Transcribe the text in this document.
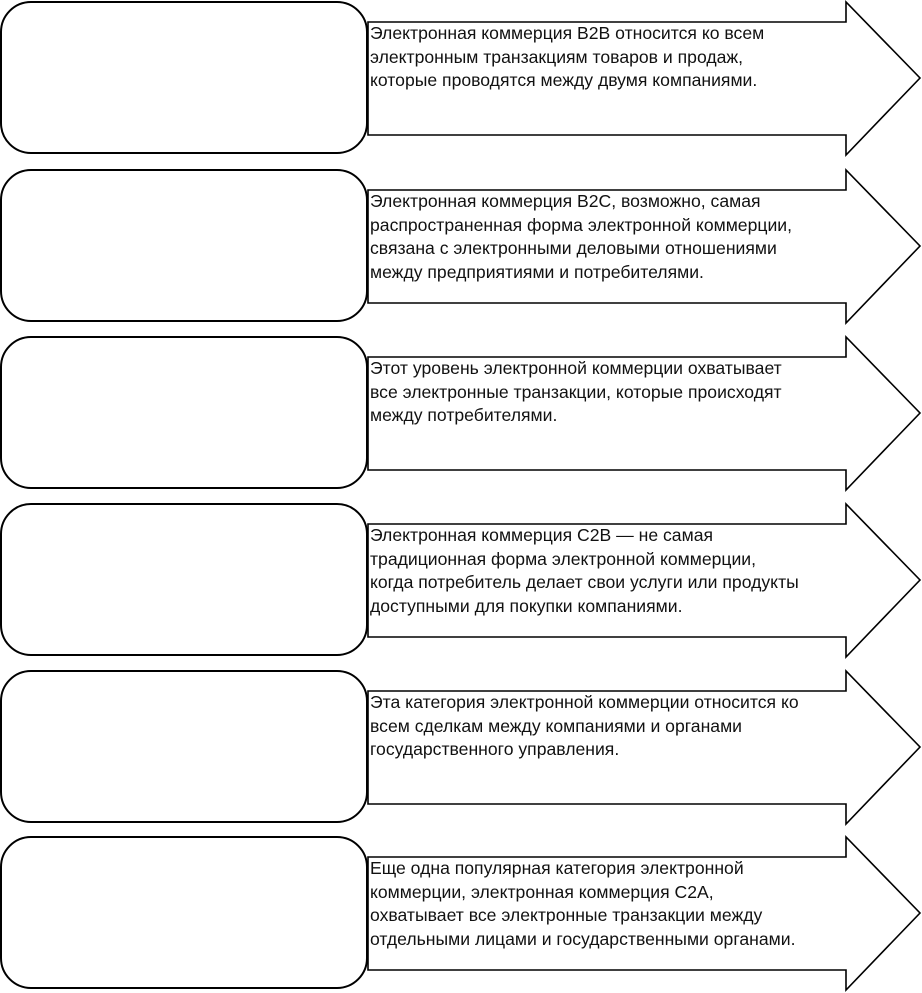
Электронная коммерция B2B относится ко всем
электронным транзакциям товаров и продаж,
которые проводятся между двумя компаниями.

Электронная коммерция B2C, возможно, самая
распространенная форма электронной коммерции,
связана с электронными деловыми отношениями
между предприятиями и потребителями.

Этот уровень электронной коммерции охватывает
все электронные транзакции, которые происходят
между потребителями.

Электронная коммерция C2B — не самая
традиционная форма электронной коммерции,
когда потребитель делает свои услуги или продукты
доступными для покупки компаниями.

Эта категория электронной коммерции относится ко
всем сделкам между компаниями и органами
государственного управления.

Еще одна популярная категория электронной
коммерции, электронная коммерция C2A,
охватывает все электронные транзакции между
отдельными лицами и государственными органами.
